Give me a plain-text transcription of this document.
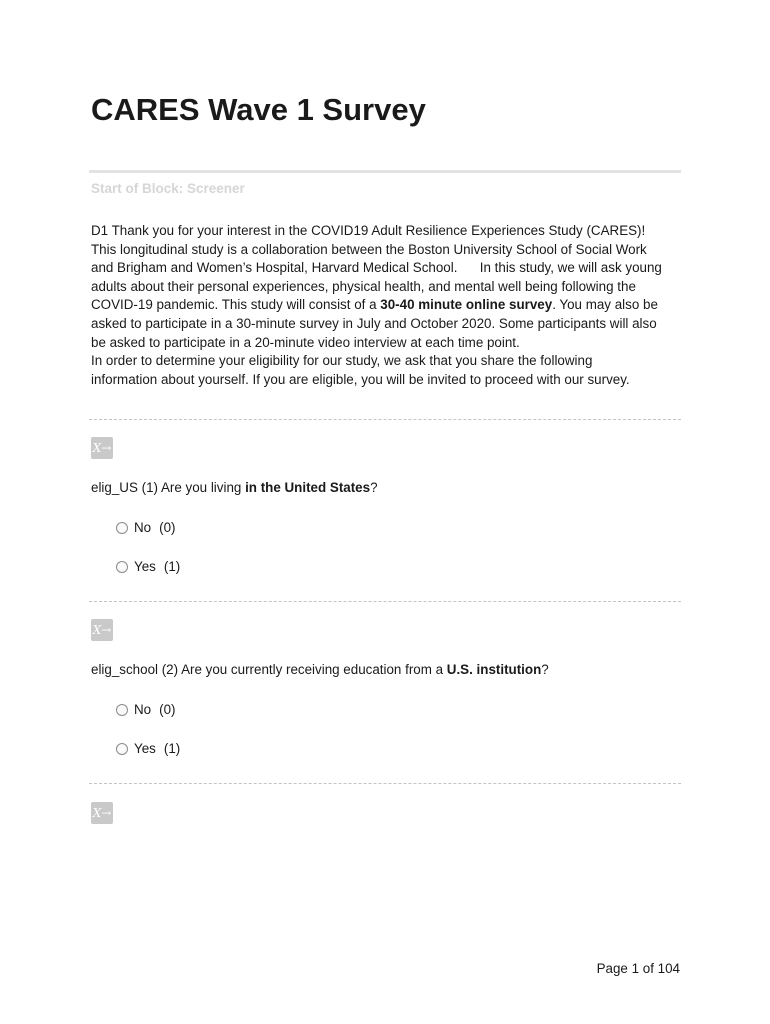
CARES Wave 1 Survey
Start of Block: Screener
D1 Thank you for your interest in the COVID19 Adult Resilience Experiences Study (CARES)!
This longitudinal study is a collaboration between the Boston University School of Social Work
and Brigham and Women’s Hospital, Harvard Medical School.      In this study, we will ask young
adults about their personal experiences, physical health, and mental well being following the
COVID-19 pandemic. This study will consist of a 30-40 minute online survey. You may also be
asked to participate in a 30-minute survey in July and October 2020. Some participants will also
be asked to participate in a 20-minute video interview at each time point.
In order to determine your eligibility for our study, we ask that you share the following
information about yourself. If you are eligible, you will be invited to proceed with our survey.
X→
elig_US (1) Are you living in the United States?
No (0)
Yes (1)
X→
elig_school (2) Are you currently receiving education from a U.S. institution?
No (0)
Yes (1)
X→
Page 1 of 104
